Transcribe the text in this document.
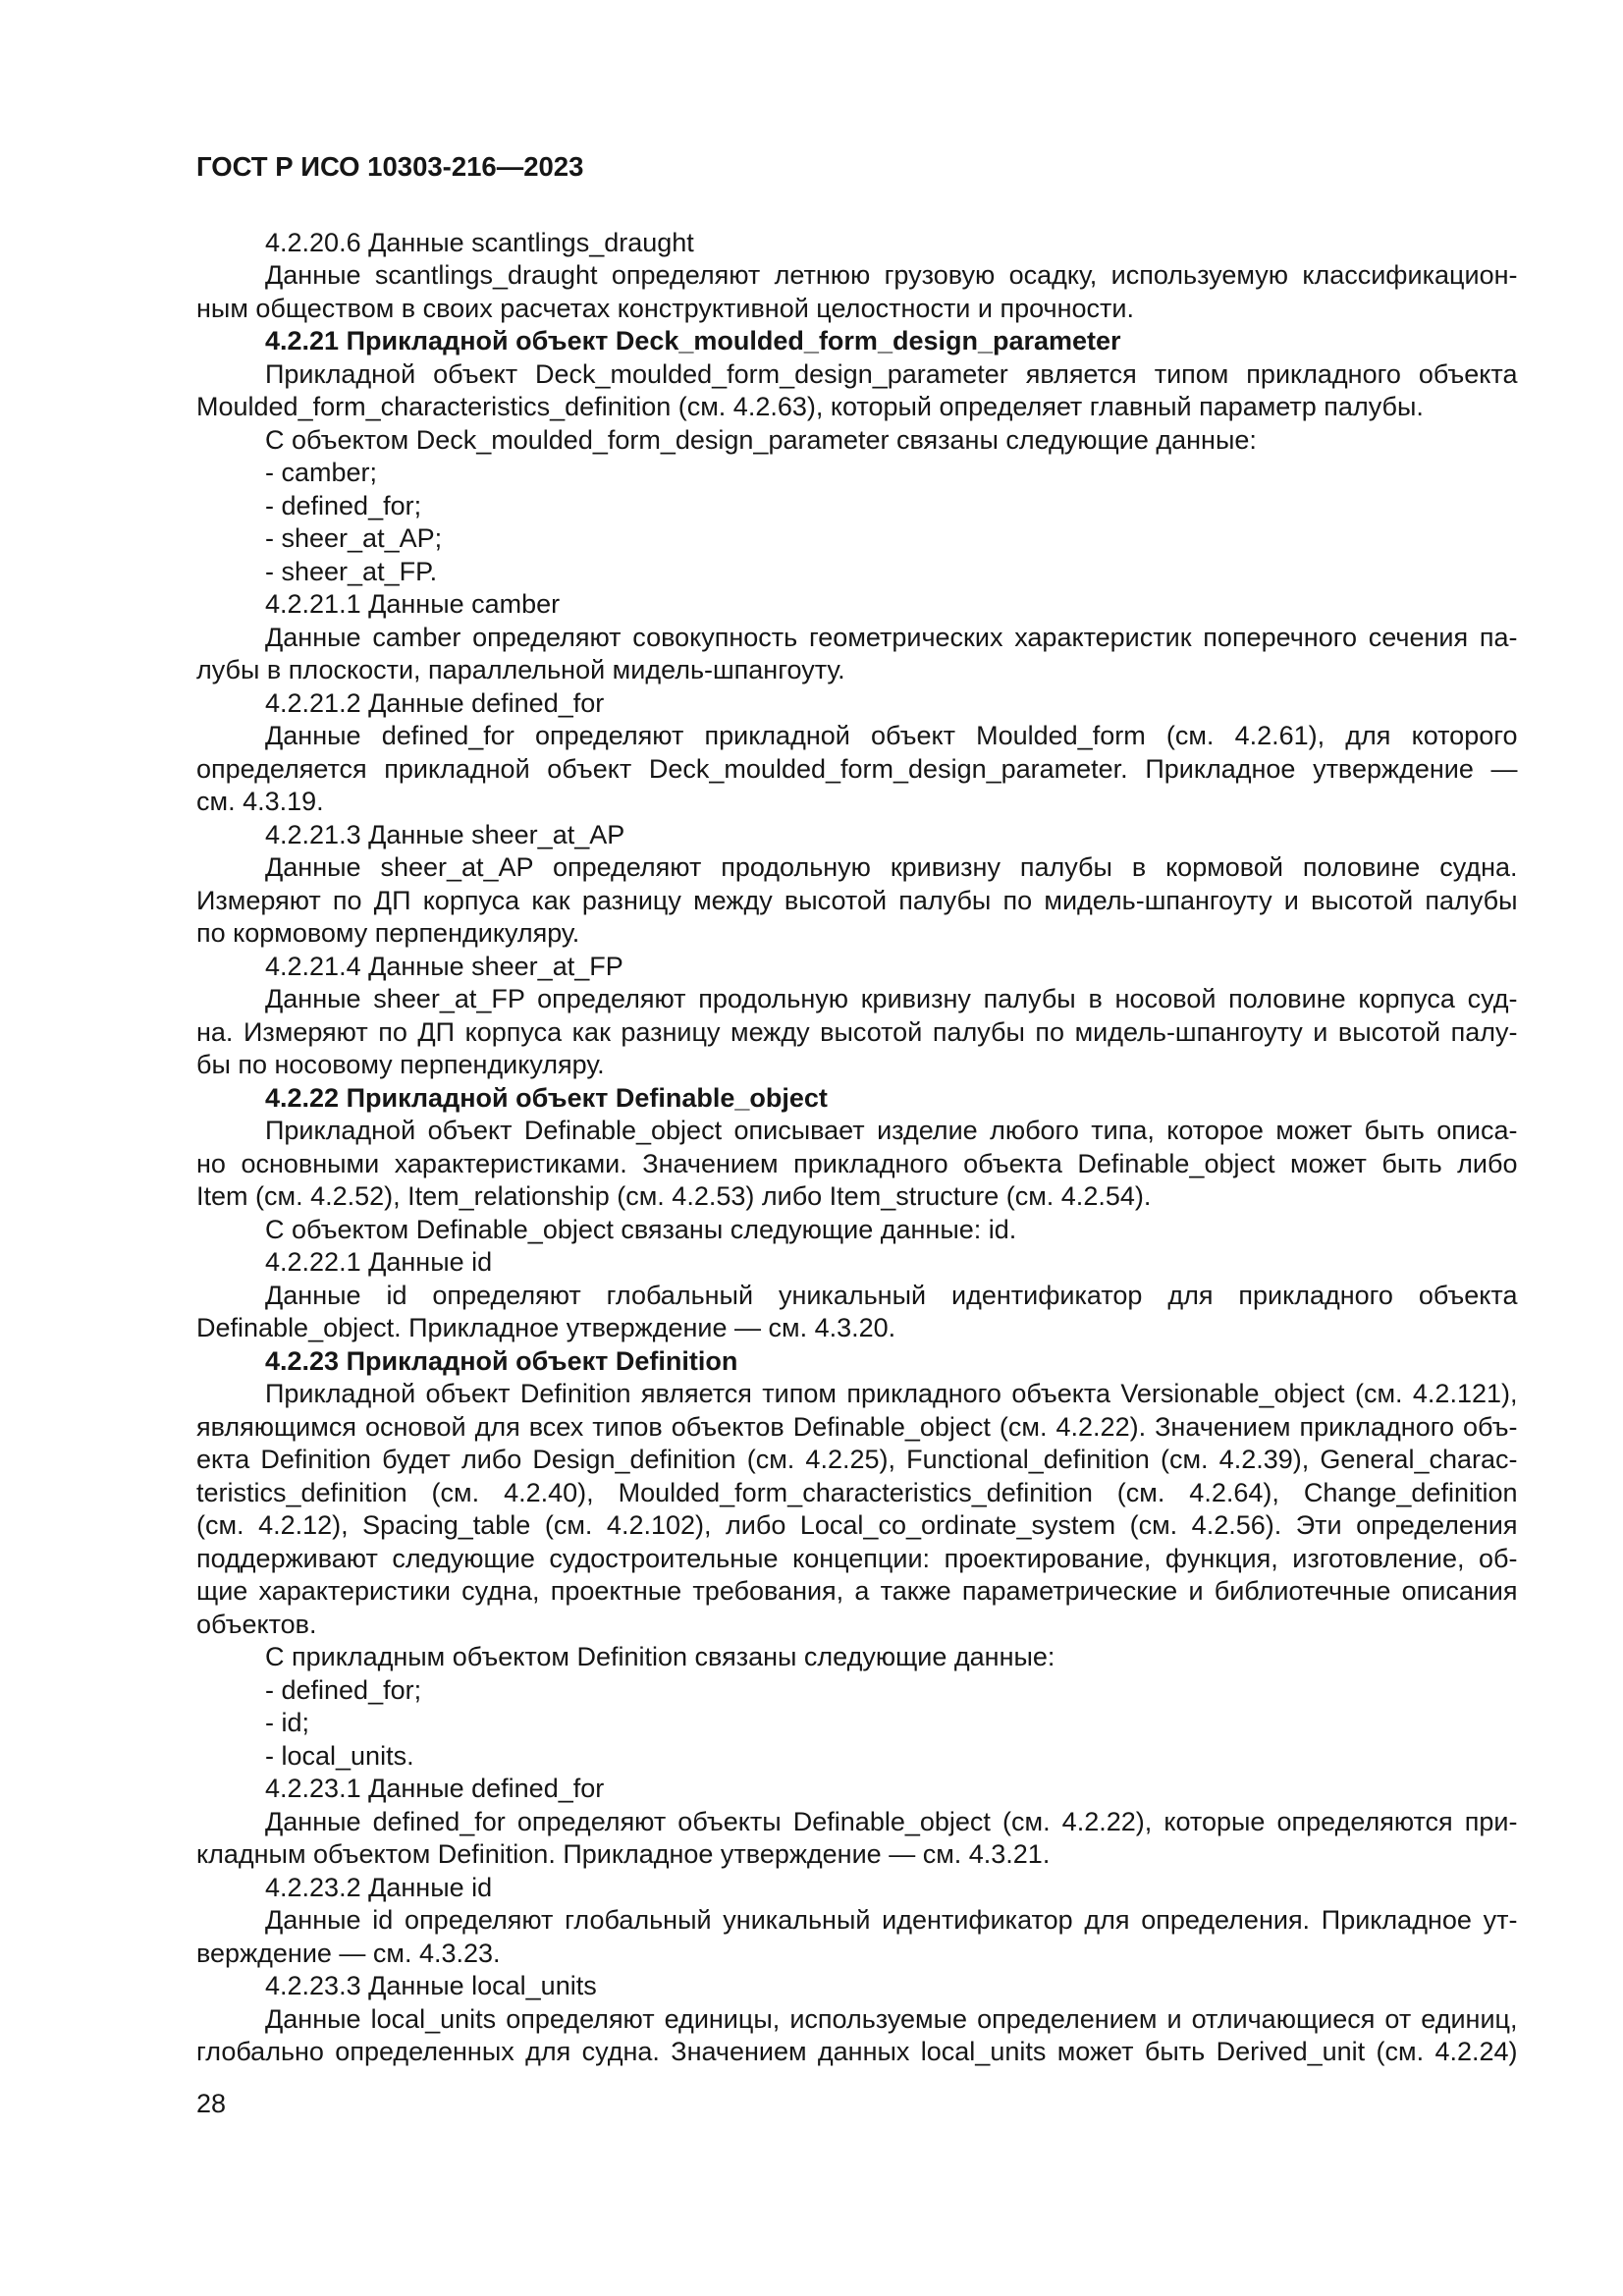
ГОСТ Р ИСО 10303-216—2023
4.2.20.6 Данные scantlings_draught
Данные scantlings_draught определяют летнюю грузовую осадку, используемую классификацион-
ным обществом в своих расчетах конструктивной целостности и прочности.
4.2.21 Прикладной объект Deck_moulded_form_design_parameter
Прикладной объект Deck_moulded_form_design_parameter является типом прикладного объекта
Moulded_form_characteristics_definition (см. 4.2.63), который определяет главный параметр палубы.
С объектом Deck_moulded_form_design_parameter связаны следующие данные:
- camber;
- defined_for;
- sheer_at_AP;
- sheer_at_FP.
4.2.21.1 Данные camber
Данные camber определяют совокупность геометрических характеристик поперечного сечения па-
лубы в плоскости, параллельной мидель-шпангоуту.
4.2.21.2 Данные defined_for
Данные defined_for определяют прикладной объект Moulded_form (см. 4.2.61), для которого
определяется прикладной объект Deck_moulded_form_design_parameter. Прикладное утверждение —
см. 4.3.19.
4.2.21.3 Данные sheer_at_AP
Данные sheer_at_AP определяют продольную кривизну палубы в кормовой половине судна.
Измеряют по ДП корпуса как разницу между высотой палубы по мидель-шпангоуту и высотой палубы
по кормовому перпендикуляру.
4.2.21.4 Данные sheer_at_FP
Данные sheer_at_FP определяют продольную кривизну палубы в носовой половине корпуса суд-
на. Измеряют по ДП корпуса как разницу между высотой палубы по мидель-шпангоуту и высотой палу-
бы по носовому перпендикуляру.
4.2.22 Прикладной объект Definable_object
Прикладной объект Definable_object описывает изделие любого типа, которое может быть описа-
но основными характеристиками. Значением прикладного объекта Definable_object может быть либо
Item (см. 4.2.52), Item_relationship (см. 4.2.53) либо Item_structure (см. 4.2.54).
С объектом Definable_object связаны следующие данные: id.
4.2.22.1 Данные id
Данные id определяют глобальный уникальный идентификатор для прикладного объекта
Definable_object. Прикладное утверждение — см. 4.3.20.
4.2.23 Прикладной объект Definition
Прикладной объект Definition является типом прикладного объекта Versionable_object (см. 4.2.121),
являющимся основой для всех типов объектов Definable_object (см. 4.2.22). Значением прикладного объ-
екта Definition будет либо Design_definition (см. 4.2.25), Functional_definition (см. 4.2.39), General_charac-
teristics_definition (см. 4.2.40), Moulded_form_characteristics_definition (см. 4.2.64), Change_definition
(см. 4.2.12), Spacing_table (см. 4.2.102), либо Local_co_ordinate_system (см. 4.2.56). Эти определения
поддерживают следующие судостроительные концепции: проектирование, функция, изготовление, об-
щие характеристики судна, проектные требования, а также параметрические и библиотечные описания
объектов.
С прикладным объектом Definition связаны следующие данные:
- defined_for;
- id;
- local_units.
4.2.23.1 Данные defined_for
Данные defined_for определяют объекты Definable_object (см. 4.2.22), которые определяются при-
кладным объектом Definition. Прикладное утверждение — см. 4.3.21.
4.2.23.2 Данные id
Данные id определяют глобальный уникальный идентификатор для определения. Прикладное ут-
верждение — см. 4.3.23.
4.2.23.3 Данные local_units
Данные local_units определяют единицы, используемые определением и отличающиеся от единиц,
глобально определенных для судна. Значением данных local_units может быть Derived_unit (см. 4.2.24)
28
